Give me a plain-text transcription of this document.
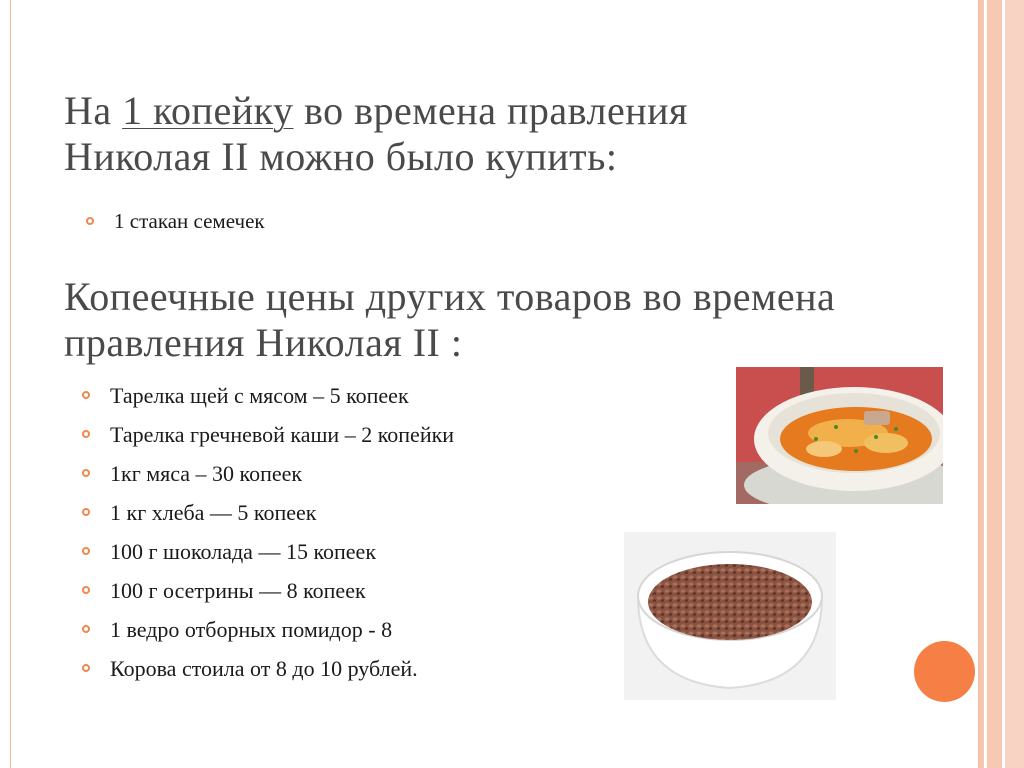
На 1 копейку во времена правления Николая II можно было купить:
1 стакан семечек
Копеечные цены других товаров во времена правления Николая II :
Тарелка щей с мясом – 5 копеек
Тарелка гречневой каши – 2 копейки
1кг мяса – 30 копеек
1 кг хлеба — 5 копеек
100 г шоколада — 15 копеек
100 г осетрины — 8 копеек
1 ведро отборных помидор - 8
Корова стоила от 8 до 10 рублей.
